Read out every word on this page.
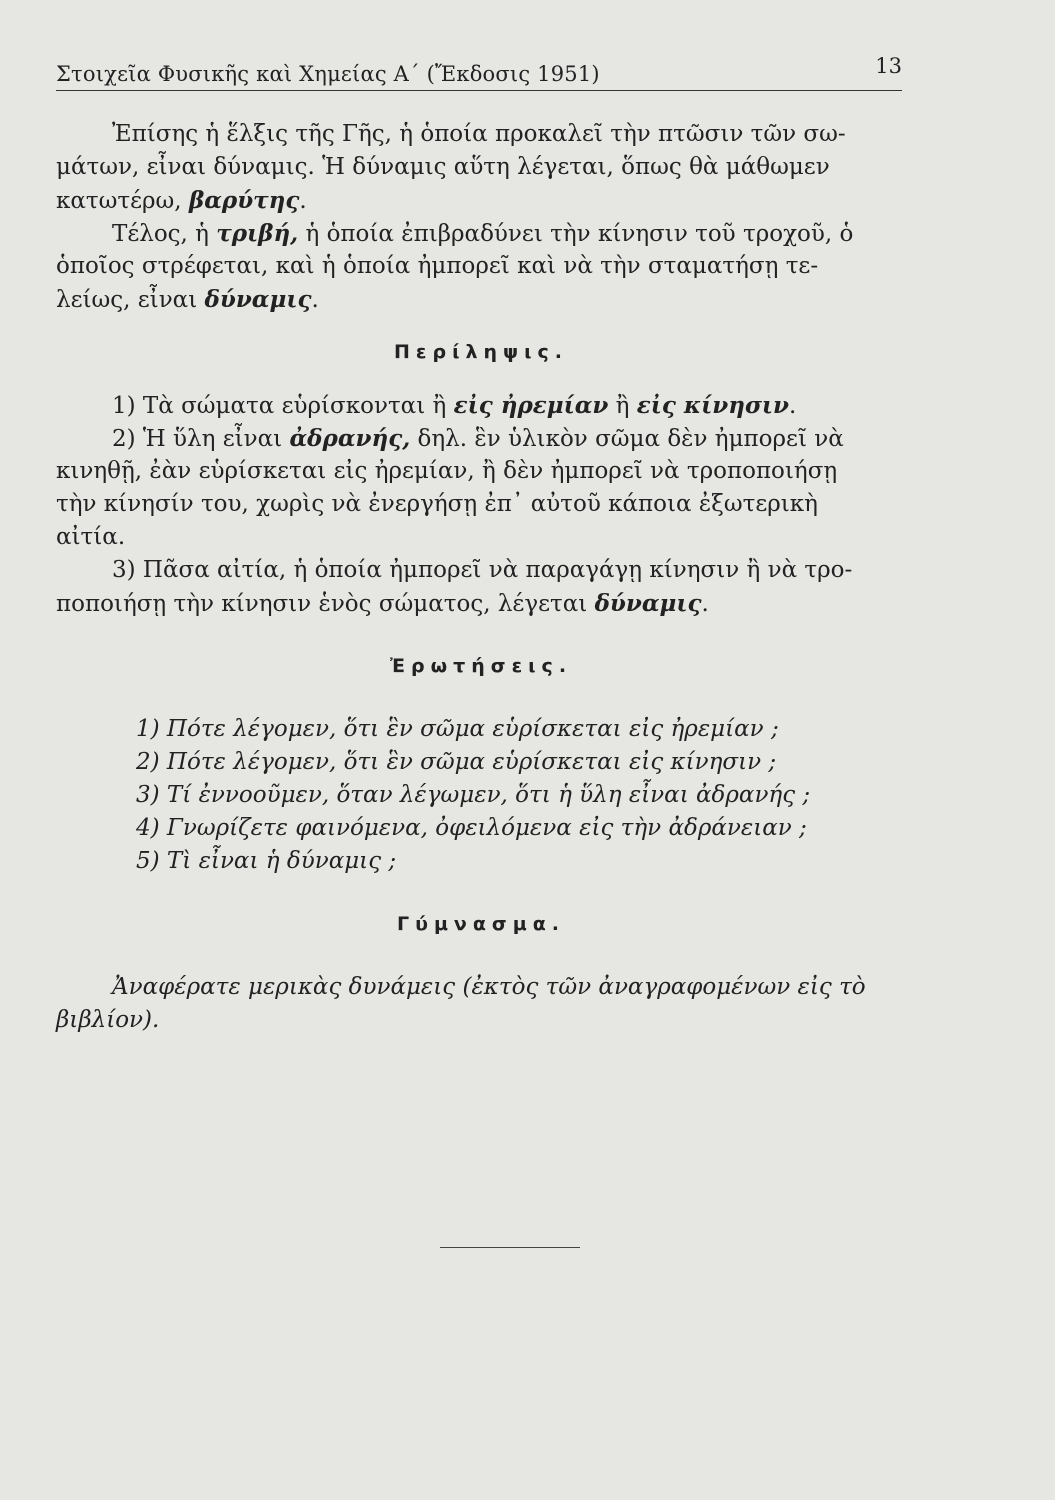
Στοιχεῖα Φυσικῆς καὶ Χημείας Α΄ (Ἔκδοσις 1951)	13
Ἐπίσης ἡ ἕλξις τῆς Γῆς, ἡ ὁποία προκαλεῖ τὴν πτῶσιν τῶν σω-
μάτων, εἶναι δύναμις. Ἡ δύναμις αὕτη λέγεται, ὅπως θὰ μάθωμεν
κατωτέρω, βαρύτης.
Τέλος, ἡ τριβή, ἡ ὁποία ἐπιβραδύνει τὴν κίνησιν τοῦ τροχοῦ, ὁ
ὁποῖος στρέφεται, καὶ ἡ ὁποία ἠμπορεῖ καὶ νὰ τὴν σταματήσῃ τε-
λείως, εἶναι δύναμις.
Περίληψις.
1) Τὰ σώματα εὑρίσκονται ἢ εἰς ἠρεμίαν ἢ εἰς κίνησιν.
2) Ἡ ὕλη εἶναι ἀδρανής, δηλ. ἓν ὑλικὸν σῶμα δὲν ἠμπορεῖ νὰ
κινηθῇ, ἐὰν εὑρίσκεται εἰς ἠρεμίαν, ἢ δὲν ἠμπορεῖ νὰ τροποποιήσῃ
τὴν κίνησίν του, χωρὶς νὰ ἐνεργήσῃ ἐπ᾽ αὐτοῦ κάποια ἐξωτερικὴ
αἰτία.
3) Πᾶσα αἰτία, ἡ ὁποία ἠμπορεῖ νὰ παραγάγῃ κίνησιν ἢ νὰ τρο-
ποποιήσῃ τὴν κίνησιν ἑνὸς σώματος, λέγεται δύναμις.
Ἐρωτήσεις.
1) Πότε λέγομεν, ὅτι ἓν σῶμα εὑρίσκεται εἰς ἠρεμίαν ;
2) Πότε λέγομεν, ὅτι ἓν σῶμα εὑρίσκεται εἰς κίνησιν ;
3) Τί ἐννοοῦμεν, ὅταν λέγωμεν, ὅτι ἡ ὕλη εἶναι ἀδρανής ;
4) Γνωρίζετε φαινόμενα, ὀφειλόμενα εἰς τὴν ἀδράνειαν ;
5) Τὶ εἶναι ἡ δύναμις ;
Γύμνασμα.
Ἀναφέρατε μερικὰς δυνάμεις (ἐκτὸς τῶν ἀναγραφομένων εἰς τὸ
βιβλίον).
